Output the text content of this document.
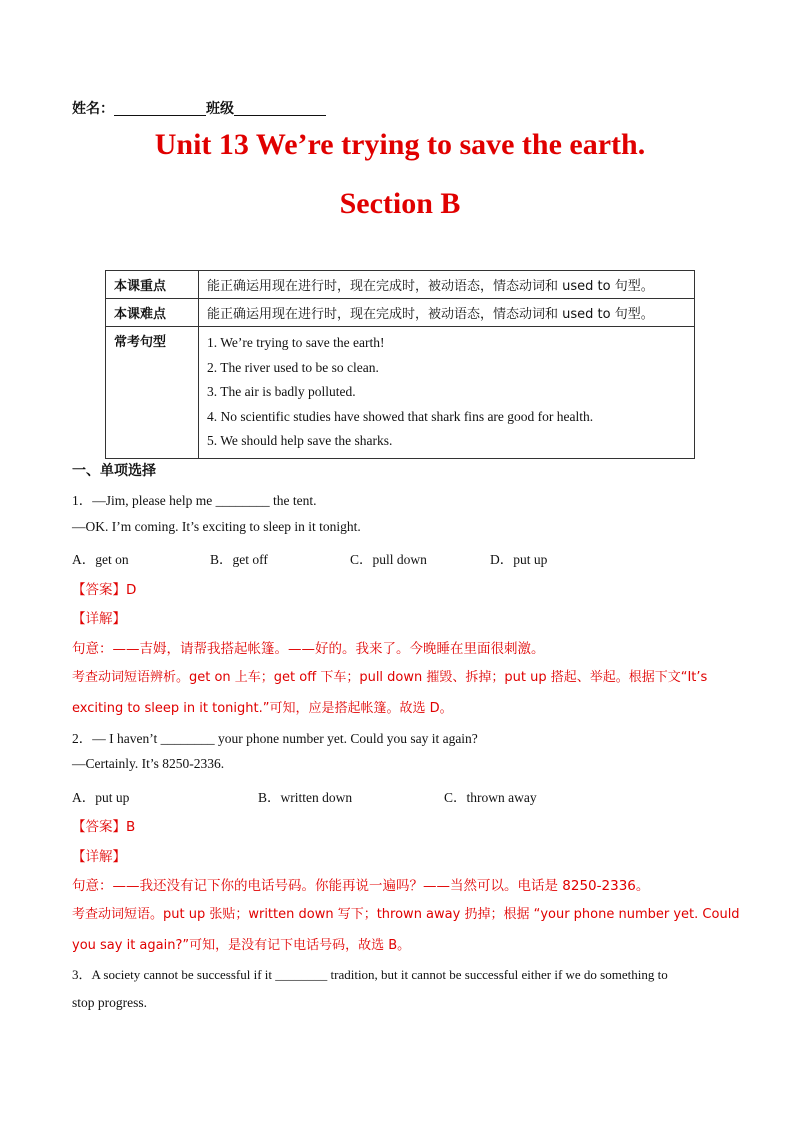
姓名：	班级
Unit 13 We’re trying to save the earth.
Section B
本课重点	能正确运用现在进行时，现在完成时，被动语态，情态动词和 used to 句型。
本课难点	能正确运用现在进行时，现在完成时，被动语态，情态动词和 used to 句型。
常考句型	1. We’re trying to save the earth!
2. The river used to be so clean.
3. The air is badly polluted.
4. No scientific studies have showed that shark fins are good for health.
5. We should help save the sharks.
一、单项选择
1．—Jim, please help me ________ the tent.
—OK. I’m coming. It’s exciting to sleep in it tonight.
A．get on	B．get off	C．pull down	D．put up
【答案】D
【详解】
句意：——吉姆，请帮我搭起帐篷。——好的。我来了。今晚睡在里面很刺激。
考查动词短语辨析。get on 上车；get off 下车；pull down 摧毁、拆掉；put up 搭起、举起。根据下文“It’s
exciting to sleep in it tonight.”可知，应是搭起帐篷。故选 D。
2．— I haven’t ________ your phone number yet. Could you say it again?
—Certainly. It’s 8250-2336.
A．put up	B．written down	C．thrown away
【答案】B
【详解】
句意：——我还没有记下你的电话号码。你能再说一遍吗？——当然可以。电话是 8250-2336。
考查动词短语。put up 张贴；written down 写下；thrown away 扔掉；根据 “your phone number yet. Could
you say it again?”可知，是没有记下电话号码，故选 B。
3．A society cannot be successful if it ________ tradition, but it cannot be successful either if we do something to
stop progress.
